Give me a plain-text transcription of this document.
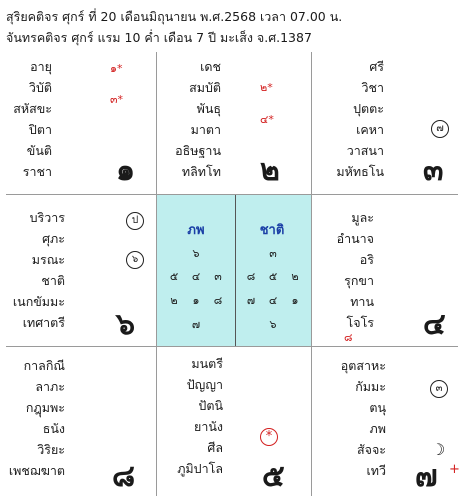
สุริยคติจร ศุกร์ ที่ 20 เดือนมิถุนายน พ.ศ.2568 เวลา 07.00 น.
จันทรคติจร ศุกร์ แรม 10 ค่ำ เดือน 7 ปี มะเส็ง จ.ศ.1387
อายุ
วิบัติ
สหัสขะ
ปิตา
ขันติ
ราชา
๑*
๓*
๑
เดช
สมบัติ
พันธุ
มาตา
อธิษฐาน
ทลิทโท
๒*
๔*
๒
ศรี
วิชา
ปุตตะ
เคหา
วาสนา
มหัทธโน
๗
๓
บริวาร
ศุภะ
มรณะ
ชาติ
เนกขัมมะ
เทศาตรี
ป
๖
๖
ภพ
๖
๕ ๔ ๓
๒	๑	๘
๗
ชาติ
๓
๘ ๕	๒
๗ ๔	๑
๖
มูละ
อำนาจ
อริ
รุกขา
ทาน
โจโร
๘ ๔
กาลกิณี
ลาภะ
กฎุมพะ
ธนัง
วิริยะ
เพชฌฆาต ๘
มนตรี
ปัญญา
ปัตนิ
ยานัง
ศีล
ภูมิปาโล
*
๕
อุตสาหะ
กัมมะ
ตนุ
ภพ
สัจจะ
เทวี
๓
☽
๗ +
